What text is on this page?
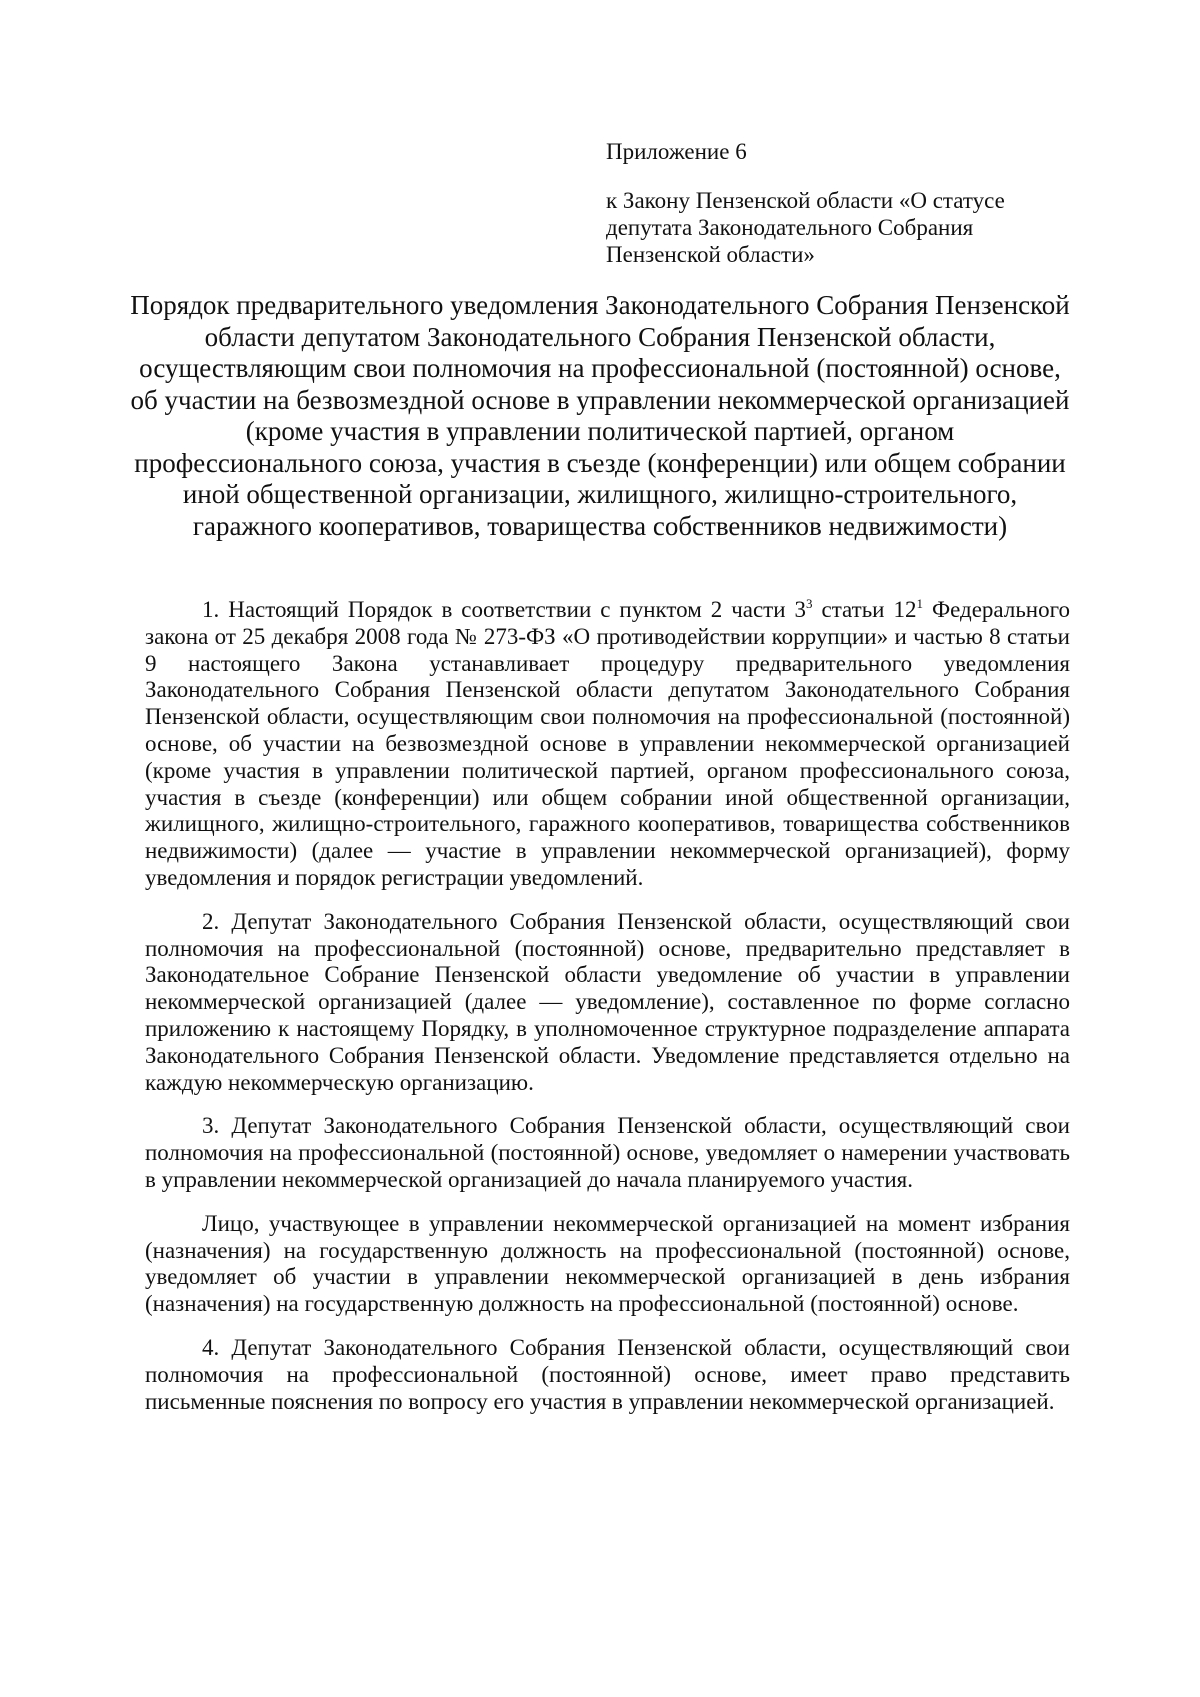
Приложение 6

к Закону Пензенской области «О статусе депутата Законодательного Собрания Пензенской области»

Порядок предварительного уведомления Законодательного Собрания Пензенской области депутатом Законодательного Собрания Пензенской области, осуществляющим свои полномочия на профессиональной (постоянной) основе, об участии на безвозмездной основе в управлении некоммерческой организацией (кроме участия в управлении политической партией, органом профессионального союза, участия в съезде (конференции) или общем собрании иной общественной организации, жилищного, жилищно-строительного, гаражного кооперативов, товарищества собственников недвижимости)

1. Настоящий Порядок в соответствии с пунктом 2 части $3^3$ статьи $12^1$ Федерального закона от 25 декабря 2008 года № 273-ФЗ «О противодействии коррупции» и частью 8 статьи 9 настоящего Закона устанавливает процедуру предварительного уведомления Законодательного Собрания Пензенской области депутатом Законодательного Собрания Пензенской области, осуществляющим свои полномочия на профессиональной (постоянной) основе, об участии на безвозмездной основе в управлении некоммерческой организацией (кроме участия в управлении политической партией, органом профессионального союза, участия в съезде (конференции) или общем собрании иной общественной организации, жилищного, жилищно-строительного, гаражного кооперативов, товарищества собственников недвижимости) (далее — участие в управлении некоммерческой организацией), форму уведомления и порядок регистрации уведомлений.

2. Депутат Законодательного Собрания Пензенской области, осуществляющий свои полномочия на профессиональной (постоянной) основе, предварительно представляет в Законодательное Собрание Пензенской области уведомление об участии в управлении некоммерческой организацией (далее — уведомление), составленное по форме согласно приложению к настоящему Порядку, в уполномоченное структурное подразделение аппарата Законодательного Собрания Пензенской области. Уведомление представляется отдельно на каждую некоммерческую организацию.

3. Депутат Законодательного Собрания Пензенской области, осуществляющий свои полномочия на профессиональной (постоянной) основе, уведомляет о намерении участвовать в управлении некоммерческой организацией до начала планируемого участия.

Лицо, участвующее в управлении некоммерческой организацией на момент избрания (назначения) на государственную должность на профессиональной (постоянной) основе, уведомляет об участии в управлении некоммерческой организацией в день избрания (назначения) на государственную должность на профессиональной (постоянной) основе.

4. Депутат Законодательного Собрания Пензенской области, осуществляющий свои полномочия на профессиональной (постоянной) основе, имеет право представить письменные пояснения по вопросу его участия в управлении некоммерческой организацией.
